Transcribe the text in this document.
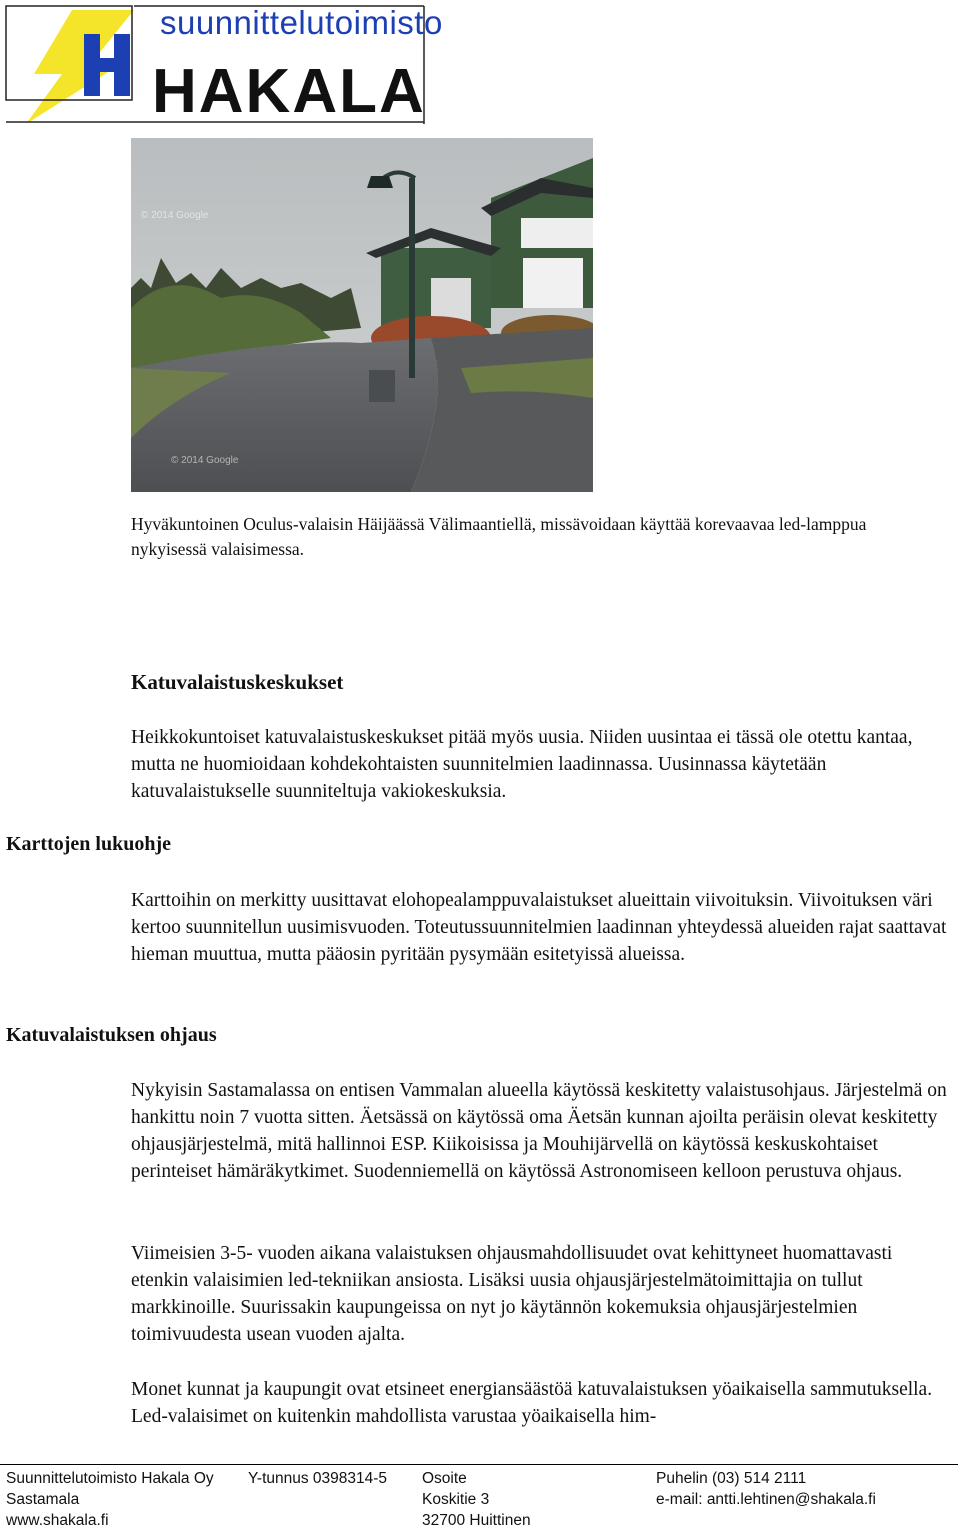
HAKALA
suunnittelutoimisto
© 2014 Google
© 2014 Google
Hyväkuntoinen Oculus-valaisin Häijäässä Välimaantiellä, missävoidaan käyttää korevaavaa led-lamppua nykyisessä valaisimessa.
Katuvalaistuskeskukset
Heikkokuntoiset katuvalaistuskeskukset pitää myös uusia. Niiden uusintaa ei tässä ole otettu kantaa, mutta ne huomioidaan kohdekohtaisten suunnitelmien laadinnassa. Uusinnassa käytetään katuvalaistukselle suunniteltuja vakiokeskuksia.
Karttojen lukuohje
Karttoihin on merkitty uusittavat elohopealamppuvalaistukset alueittain viivoituksin. Viivoituksen väri kertoo suunnitellun uusimisvuoden. Toteutussuunnitelmien laadinnan yhteydessä alueiden rajat saattavat hieman muuttua, mutta pääosin pyritään pysymään esitetyissä alueissa.
Katuvalaistuksen ohjaus
Nykyisin Sastamalassa on entisen Vammalan alueella käytössä keskitetty valaistusohjaus. Järjestelmä on hankittu noin 7 vuotta sitten. Äetsässä on käytössä oma Äetsän kunnan ajoilta peräisin olevat keskitetty ohjausjärjestelmä, mitä hallinnoi ESP. Kiikoisissa ja Mouhijärvellä on käytössä keskuskohtaiset perinteiset hämäräkytkimet. Suodenniemellä on käytössä Astronomiseen kelloon perustuva ohjaus.
Viimeisien 3-5- vuoden aikana valaistuksen ohjausmahdollisuudet ovat kehittyneet huomattavasti etenkin valaisimien led-tekniikan ansiosta. Lisäksi uusia ohjausjärjestelmätoimittajia on tullut markkinoille. Suurissakin kaupungeissa on nyt jo käytännön kokemuksia ohjausjärjestelmien toimivuudesta usean vuoden ajalta.
Monet kunnat ja kaupungit ovat etsineet energiansäästöä katuvalaistuksen yöaikaisella sammutuksella. Led-valaisimet on kuitenkin mahdollista varustaa yöaikaisella him-
Suunnittelutoimisto Hakala Oy
Sastamala
www.shakala.fi
Y-tunnus 0398314-5 Osoite
Koskitie 3
32700 Huittinen
Puhelin (03) 514 2111
e-mail: antti.lehtinen@shakala.fi
